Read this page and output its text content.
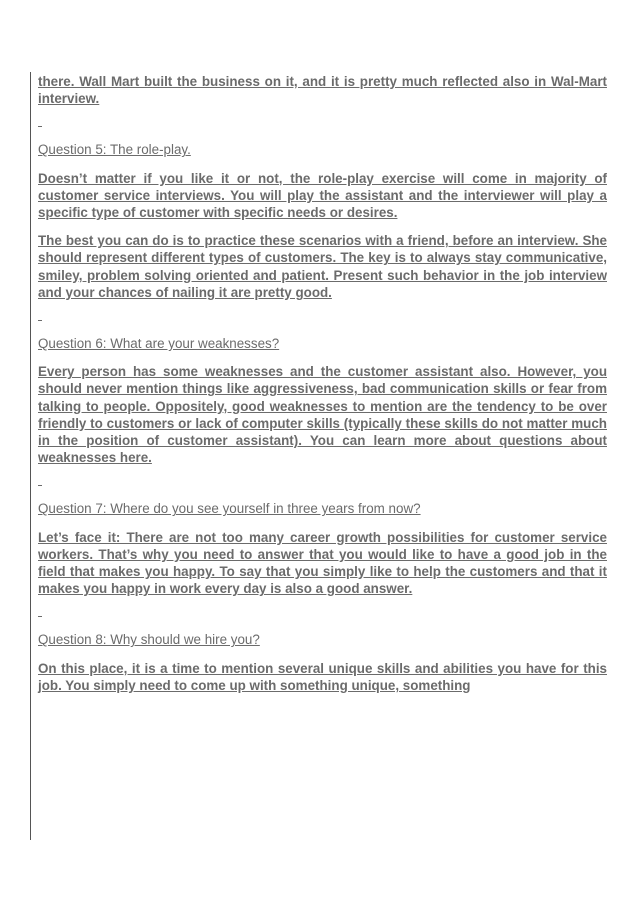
there. Wall Mart built the business on it, and it is pretty much reflected also in Wal-Mart interview.

Question 5: The role-play.

Doesn’t matter if you like it or not, the role-play exercise will come in majority of customer service interviews. You will play the assistant and the interviewer will play a specific type of customer with specific needs or desires.

The best you can do is to practice these scenarios with a friend, before an interview. She should represent different types of customers. The key is to always stay communicative, smiley, problem solving oriented and patient. Present such behavior in the job interview and your chances of nailing it are pretty good.

Question 6: What are your weaknesses?

Every person has some weaknesses and the customer assistant also. However, you should never mention things like aggressiveness, bad communication skills or fear from talking to people. Oppositely, good weaknesses to mention are the tendency to be over friendly to customers or lack of computer skills (typically these skills do not matter much in the position of customer assistant). You can learn more about questions about weaknesses here.

Question 7: Where do you see yourself in three years from now?

Let’s face it: There are not too many career growth possibilities for customer service workers. That’s why you need to answer that you would like to have a good job in the field that makes you happy. To say that you simply like to help the customers and that it makes you happy in work every day is also a good answer.

Question 8: Why should we hire you?

On this place, it is a time to mention several unique skills and abilities you have for this job. You simply need to come up with something unique, something
